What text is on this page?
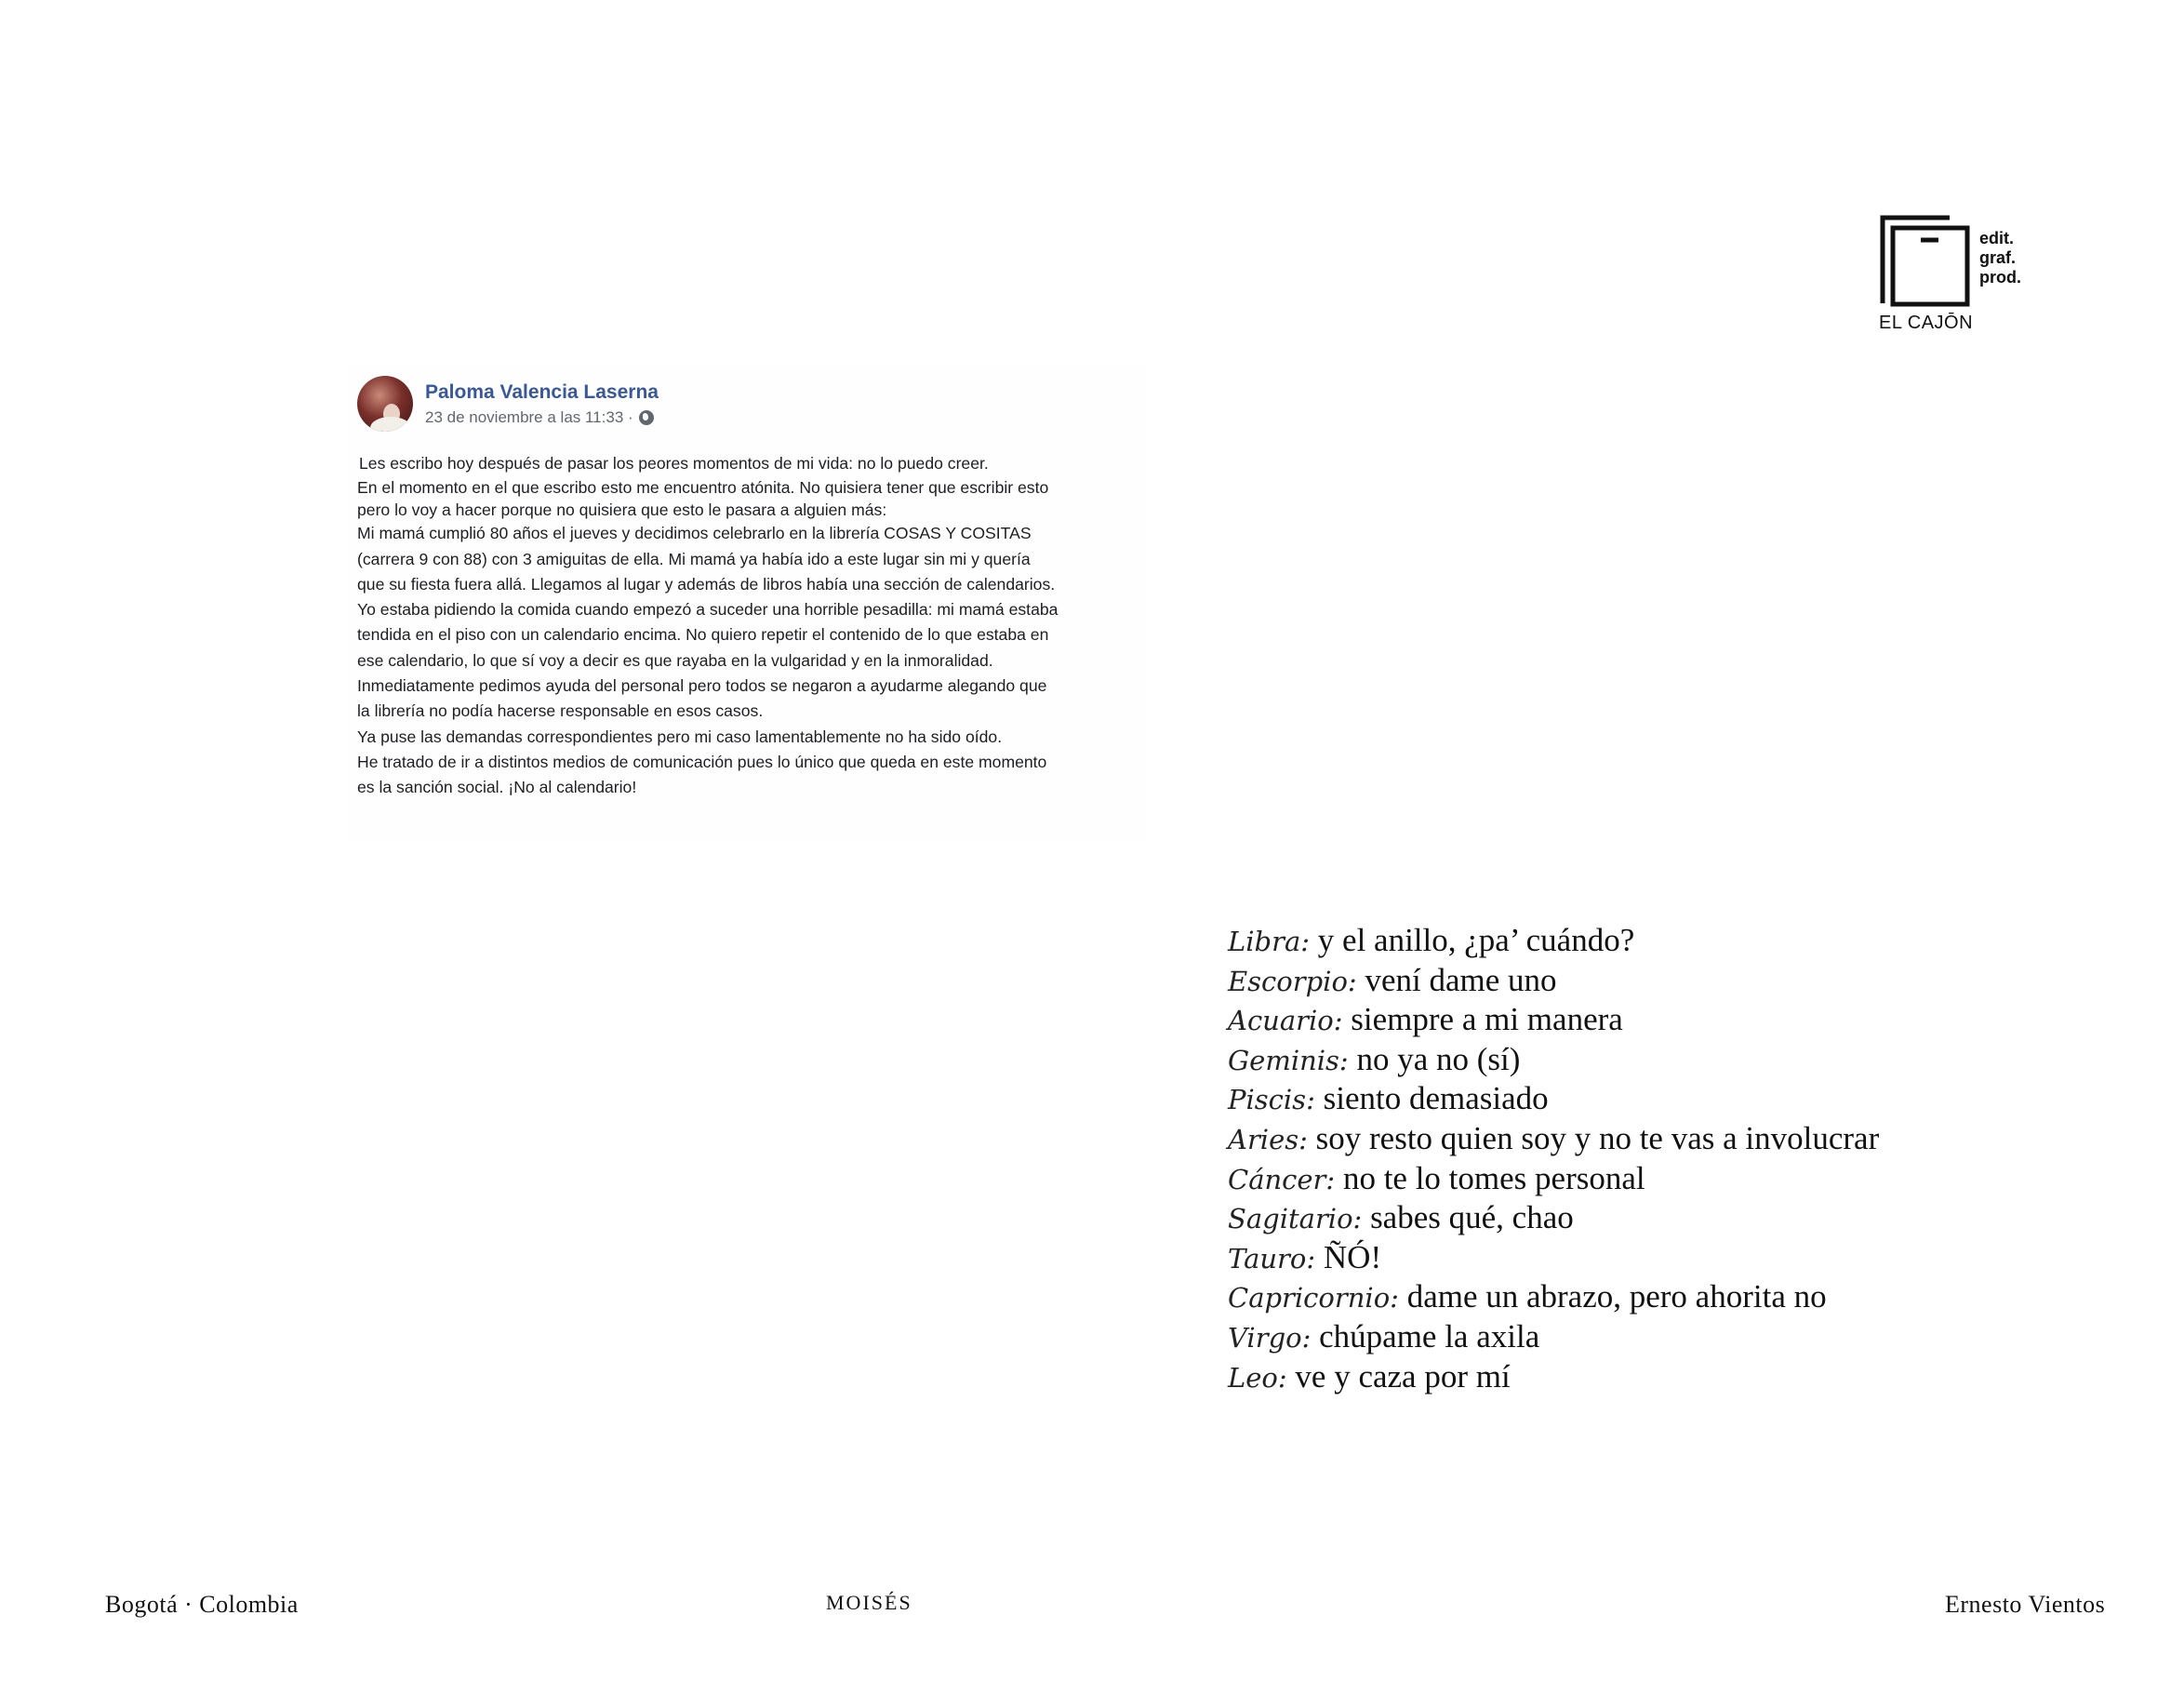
edit.
graf.
prod.
EL CAJŌN
Paloma Valencia Laserna
23 de noviembre a las 11:33 ·

Les escribo hoy después de pasar los peores momentos de mi vida: no lo puedo creer.

En el momento en el que escribo esto me encuentro atónita. No quisiera tener que escribir esto

pero lo voy a hacer porque no quisiera que esto le pasara a alguien más:

Mi mamá cumplió 80 años el jueves y decidimos celebrarlo en la librería COSAS Y COSITAS

(carrera 9 con 88) con 3 amiguitas de ella. Mi mamá ya había ido a este lugar sin mi y quería

que su fiesta fuera allá. Llegamos al lugar y además de libros había una sección de calendarios.

Yo estaba pidiendo la comida cuando empezó a suceder una horrible pesadilla: mi mamá estaba

tendida en el piso con un calendario encima. No quiero repetir el contenido de lo que estaba en

ese calendario, lo que sí voy a decir es que rayaba en la vulgaridad y en la inmoralidad.

Inmediatamente pedimos ayuda del personal pero todos se negaron a ayudarme alegando que

la librería no podía hacerse responsable en esos casos.

Ya puse las demandas correspondientes pero mi caso lamentablemente no ha sido oído.

He tratado de ir a distintos medios de comunicación pues lo único que queda en este momento

es la sanción social. ¡No al calendario!

Libra: y el anillo, ¿pa’ cuándo?
Escorpio: vení dame uno
Acuario: siempre a mi manera
Geminis: no ya no (sí)
Piscis: siento demasiado
Aries: soy resto quien soy y no te vas a involucrar
Cáncer: no te lo tomes personal
Sagitario: sabes qué, chao
Tauro: ÑÓ!
Capricornio: dame un abrazo, pero ahorita no
Virgo: chúpame la axila
Leo: ve y caza por mí
Bogotá · Colombia	MOISÉS	Ernesto Vientos
